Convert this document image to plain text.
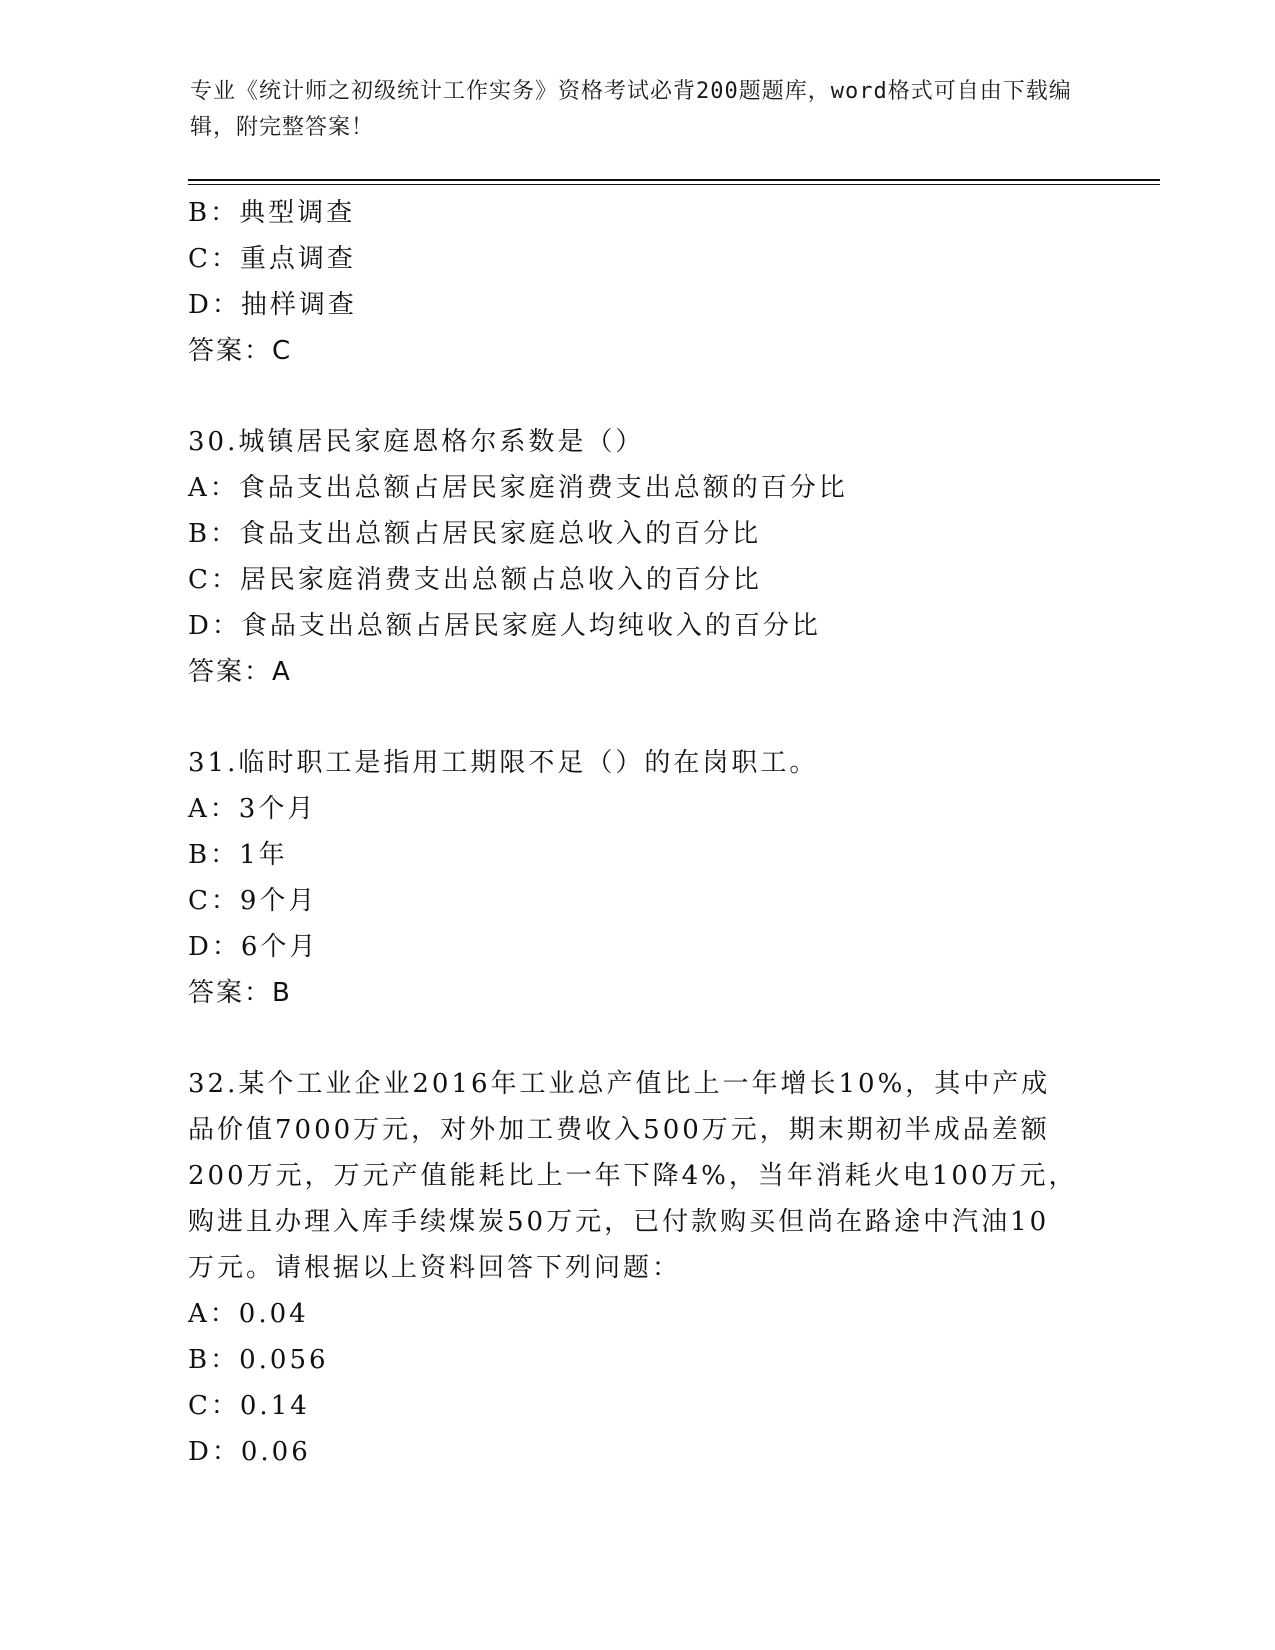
专业《统计师之初级统计工作实务》资格考试必背200题题库，word格式可自由下载编辑，附完整答案！
B：典型调查
C：重点调查
D：抽样调查
答案：C
30.城镇居民家庭恩格尔系数是（）
A：食品支出总额占居民家庭消费支出总额的百分比
B：食品支出总额占居民家庭总收入的百分比
C：居民家庭消费支出总额占总收入的百分比
D：食品支出总额占居民家庭人均纯收入的百分比
答案：A
31.临时职工是指用工期限不足（）的在岗职工。
A：3个月
B：1年
C：9个月
D：6个月
答案：B
32.某个工业企业2016年工业总产值比上一年增长10%，其中产成品价值7000万元，对外加工费收入500万元，期末期初半成品差额200万元，万元产值能耗比上一年下降4%，当年消耗火电100万元，购进且办理入库手续煤炭50万元，已付款购买但尚在路途中汽油10万元。请根据以上资料回答下列问题：
A：0.04
B：0.056
C：0.14
D：0.06
